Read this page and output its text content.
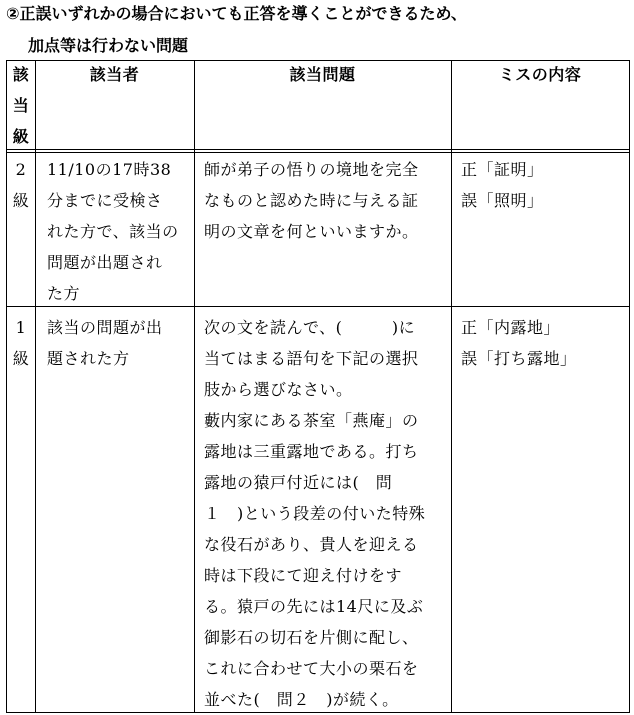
②正誤いずれかの場合においても正答を導くことができるため、
加点等は行わない問題
該当級
該当者	該当問題	ミスの内容
2級
11/10の17時38
分までに受検さ
れた方で、該当の
問題が出題され
た方
師が弟子の悟りの境地を完全
なものと認めた時に与える証
明の文章を何といいますか。
正「証明」
誤「照明」
1級
該当の問題が出
題された方
次の文を読んで、(　　　)に
当てはまる語句を下記の選択
肢から選びなさい。
藪内家にある茶室「燕庵」の
露地は三重露地である。打ち
露地の猿戸付近には(　問
１　)という段差の付いた特殊
な役石があり、貴人を迎える
時は下段にて迎え付けをす
る。猿戸の先には14尺に及ぶ
御影石の切石を片側に配し、
これに合わせて大小の栗石を
並べた(　問２　)が続く。
正「内露地」
誤「打ち露地」
